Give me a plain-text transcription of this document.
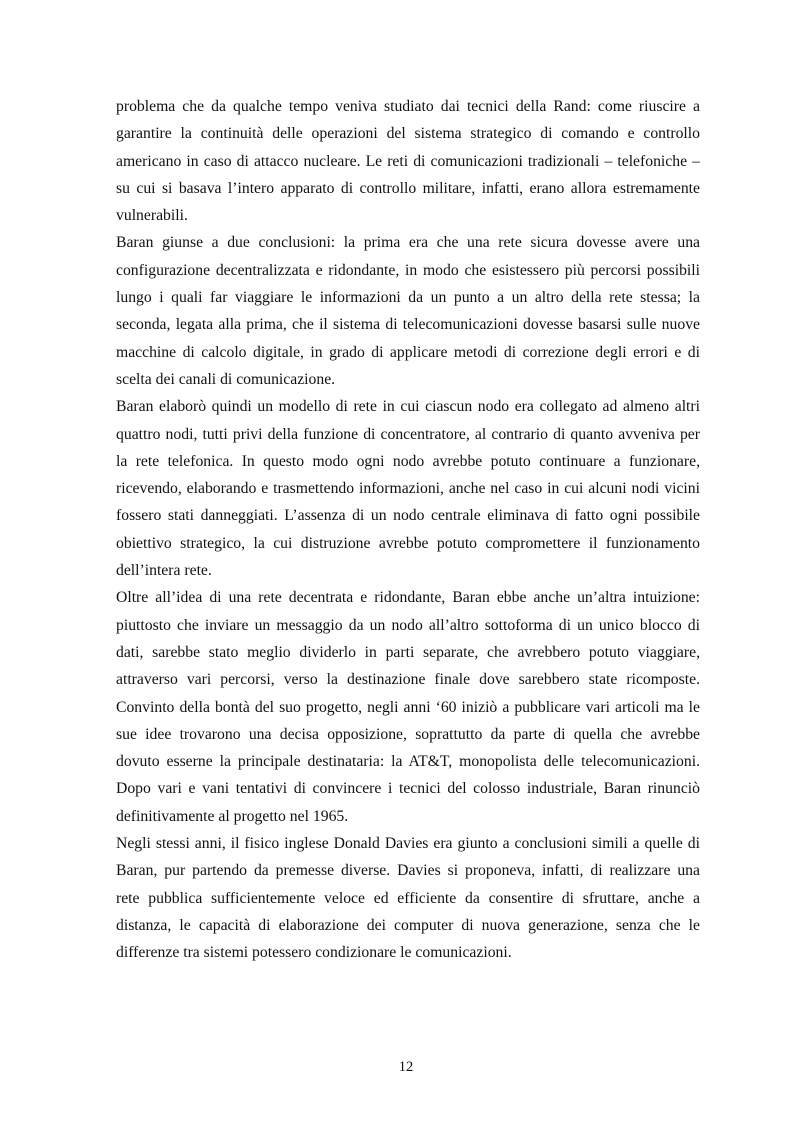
problema che da qualche tempo veniva studiato dai tecnici della Rand: come riuscire a
garantire la continuità delle operazioni del sistema strategico di comando e controllo
americano in caso di attacco nucleare. Le reti di comunicazioni tradizionali – telefoniche –
su cui si basava l’intero apparato di controllo militare, infatti, erano allora estremamente
vulnerabili.
Baran giunse a due conclusioni: la prima era che una rete sicura dovesse avere una
configurazione decentralizzata e ridondante, in modo che esistessero più percorsi possibili
lungo i quali far viaggiare le informazioni da un punto a un altro della rete stessa; la
seconda, legata alla prima, che il sistema di telecomunicazioni dovesse basarsi sulle nuove
macchine di calcolo digitale, in grado di applicare metodi di correzione degli errori e di
scelta dei canali di comunicazione.
Baran elaborò quindi un modello di rete in cui ciascun nodo era collegato ad almeno altri
quattro nodi, tutti privi della funzione di concentratore, al contrario di quanto avveniva per
la rete telefonica. In questo modo ogni nodo avrebbe potuto continuare a funzionare,
ricevendo, elaborando e trasmettendo informazioni, anche nel caso in cui alcuni nodi vicini
fossero stati danneggiati. L’assenza di un nodo centrale eliminava di fatto ogni possibile
obiettivo strategico, la cui distruzione avrebbe potuto compromettere il funzionamento
dell’intera rete.
Oltre all’idea di una rete decentrata e ridondante, Baran ebbe anche un’altra intuizione:
piuttosto che inviare un messaggio da un nodo all’altro sottoforma di un unico blocco di
dati, sarebbe stato meglio dividerlo in parti separate, che avrebbero potuto viaggiare,
attraverso vari percorsi, verso la destinazione finale dove sarebbero state ricomposte.
Convinto della bontà del suo progetto, negli anni ‘60 iniziò a pubblicare vari articoli ma le
sue idee trovarono una decisa opposizione, soprattutto da parte di quella che avrebbe
dovuto esserne la principale destinataria: la AT&T, monopolista delle telecomunicazioni.
Dopo vari e vani tentativi di convincere i tecnici del colosso industriale, Baran rinunciò
definitivamente al progetto nel 1965.
Negli stessi anni, il fisico inglese Donald Davies era giunto a conclusioni simili a quelle di
Baran, pur partendo da premesse diverse. Davies si proponeva, infatti, di realizzare una
rete pubblica sufficientemente veloce ed efficiente da consentire di sfruttare, anche a
distanza, le capacità di elaborazione dei computer di nuova generazione, senza che le
differenze tra sistemi potessero condizionare le comunicazioni.
12
